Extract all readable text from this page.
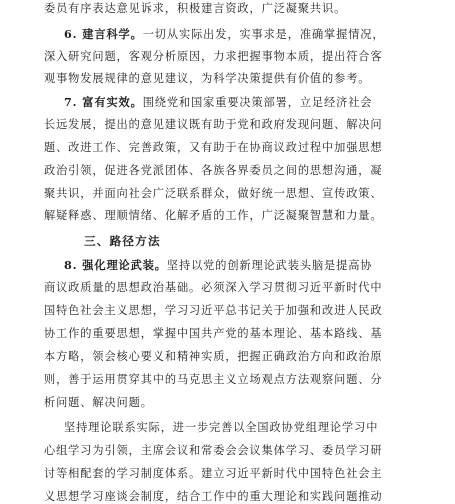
委员有序表达意见诉求，积极建言资政，广泛凝聚共识。
6. 建言科学。一切从实际出发，实事求是，准确掌握情况，
深入研究问题，客观分析原因，力求把握事物本质，提出符合客
观事物发展规律的意见建议，为科学决策提供有价值的参考。
7. 富有实效。围绕党和国家重要决策部署，立足经济社会
长远发展，提出的意见建议既有助于党和政府发现问题、解决问
题、改进工作、完善政策，又有助于在协商议政过程中加强思想
政治引领，促进各党派团体、各族各界委员之间的思想沟通，凝
聚共识，并面向社会广泛联系群众，做好统一思想、宣传政策、
解疑释惑、理顺情绪、化解矛盾的工作，广泛凝聚智慧和力量。
三、路径方法
8. 强化理论武装。坚持以党的创新理论武装头脑是提高协
商议政质量的思想政治基础。必须深入学习贯彻习近平新时代中
国特色社会主义思想，学习习近平总书记关于加强和改进人民政
协工作的重要思想，掌握中国共产党的基本理论、基本路线、基
本方略，领会核心要义和精神实质，把握正确政治方向和政治原
则，善于运用贯穿其中的马克思主义立场观点方法观察问题、分
析问题、解决问题。
坚持理论联系实际，进一步完善以全国政协党组理论学习中
心组学习为引领，主席会议和常委会会议集体学习、委员学习研
讨等相配套的学习制度体系。建立习近平新时代中国特色社会主
义思想学习座谈会制度，结合工作中的重大理论和实践问题推动
